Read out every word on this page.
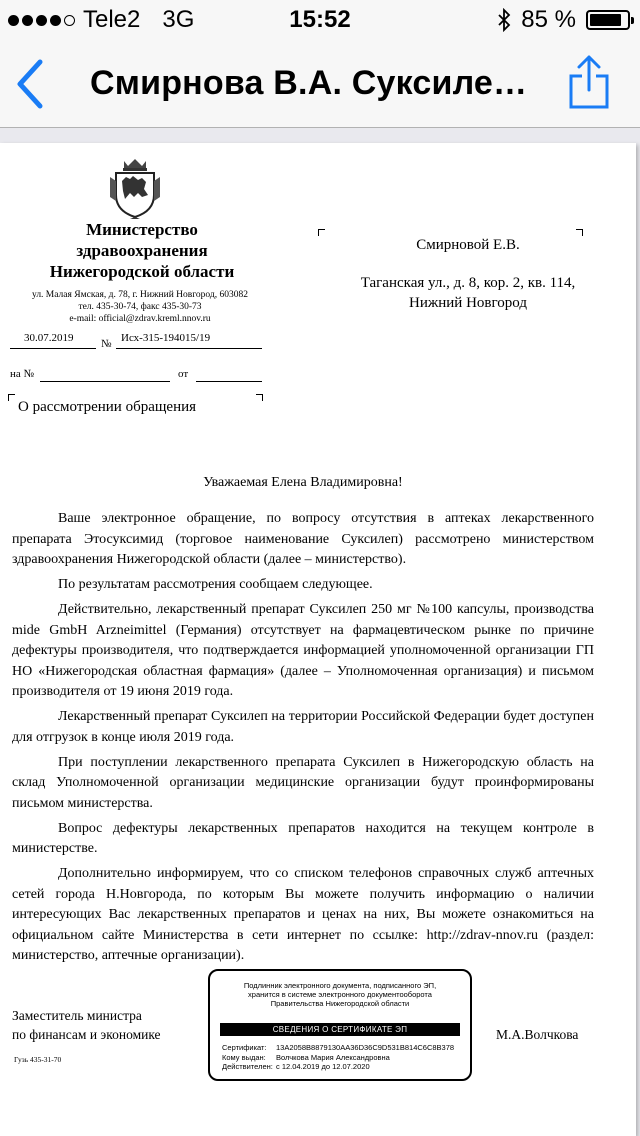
Tele2 3G	15:52	85 %
Смирнова В.А. Суксиле…
Министерство
здравоохранения
Нижегородской области
ул. Малая Ямская, д. 78, г. Нижний Новгород, 603082
тел. 435-30-74, факс 435-30-73
e-mail: official@zdrav.kreml.nnov.ru
30.07.2019	№ Исх-315-194015/19
на №	от
Смирновой Е.В.
Таганская ул., д. 8, кор. 2, кв. 114,
Нижний Новгород
О рассмотрении обращения
Уважаемая Елена Владимировна!

Ваше электронное обращение, по вопросу отсутствия в аптеках лекарственного препарата Этосуксимид (торговое наименование Суксилеп) рассмотрено министерством здравоохранения Нижегородской области (далее – министерство).

По результатам рассмотрения сообщаем следующее.

Действительно, лекарственный препарат Суксилеп 250 мг №100 капсулы, производства mide GmbH Arzneimittel (Германия) отсутствует на фармацевтическом рынке по причине дефектуры производителя, что подтверждается информацией уполномоченной организации ГП НО «Нижегородская областная фармация» (далее – Уполномоченная организация) и письмом производителя от 19 июня 2019 года.

Лекарственный препарат Суксилеп на территории Российской Федерации будет доступен для отгрузок в конце июля 2019 года.

При поступлении лекарственного препарата Суксилеп в Нижегородскую область на склад Уполномоченной организации медицинские организации будут проинформированы письмом министерства.

Вопрос дефектуры лекарственных препаратов находится на текущем контроле в министерстве.

Дополнительно информируем, что со списком телефонов справочных служб аптечных сетей города Н.Новгорода, по которым Вы можете получить информацию о наличии интересующих Вас лекарственных препаратов и ценах на них, Вы можете ознакомиться на официальном сайте Министерства в сети интернет по ссылке: http://zdrav-nnov.ru (раздел: министерство, аптечные организации).

Заместитель министра
по финансам и экономике
Гузь 435-31-70
М.А.Волчкова
Подлинник электронного документа, подписанного ЭП,
хранится в системе электронного документооборота
Правительства Нижегородской области
СВЕДЕНИЯ О СЕРТИФИКАТЕ ЭП
Сертификат: 13A2058B8879130AA36D36C9D531B814C6C8B378
Кому выдан: Волчкова Мария Александровна
Действителен: с 12.04.2019 до 12.07.2020
